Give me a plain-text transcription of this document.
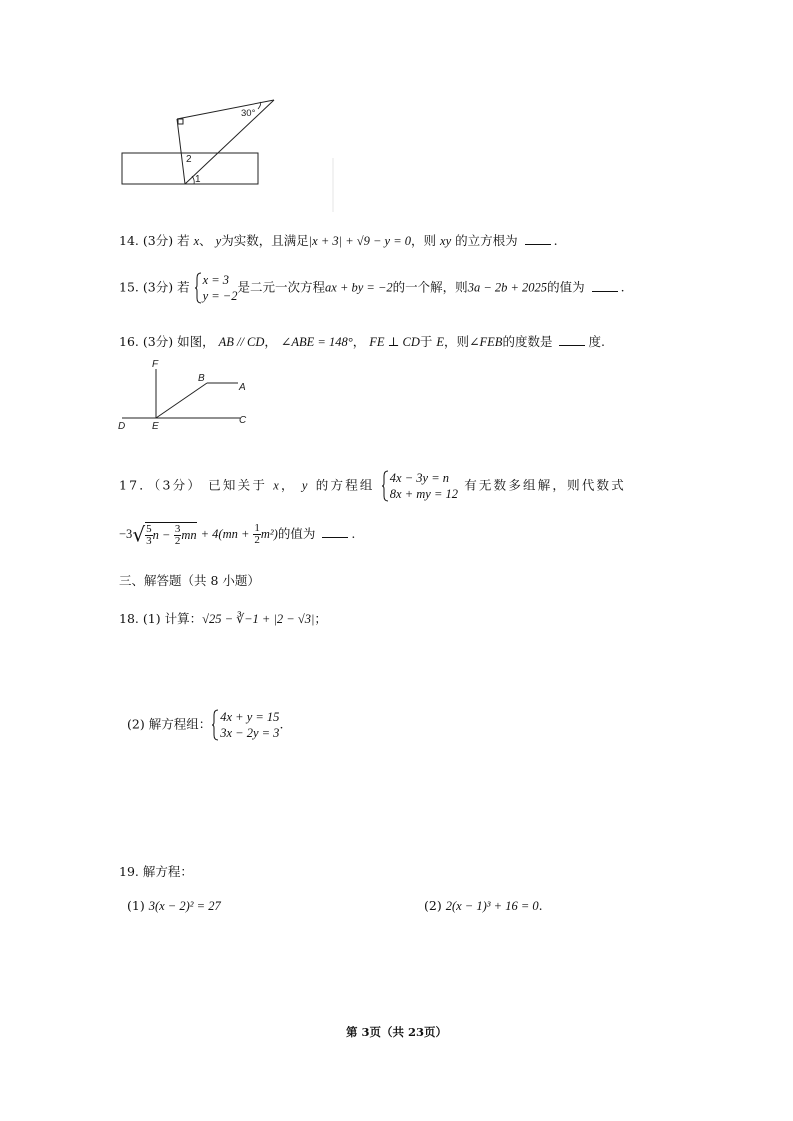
30°
2
1
14. (3分) 若 x、 y为实数，且满足|x + 3| + √9 − y = 0，则 xy 的立方根为	.
15. (3分) 若 x = 3
y = −2
是二元一次方程ax + by = −2的一个解，则3a − 2b + 2025的值为	.
16. (3分) 如图， AB // CD， ∠ABE = 148°， FE ⊥ CD于 E，则∠FEB的度数是	度.
F
B
A
D	E
C
17．（3分） 已知关于 x， y 的方程组 4x − 3y = n
8x + my = 12
有无数多组解，则代数式
$-3√ \frac{5}{3}$ $n - \frac{3}{2}$ mn + $4(mn + \frac{1}{2} m^2)$的值为	.
三、解答题（共 8 小题）
18. (1) 计算：√25 − ∛−1 + |2 − √3|；
(2) 解方程组： 4x + y = 15
3x − 2y = 3
.
19. 解方程：
(1) 3(x − 2)² = 27	(2) 2(x − 1)³ + 16 = 0.
第 3页（共 23页）
